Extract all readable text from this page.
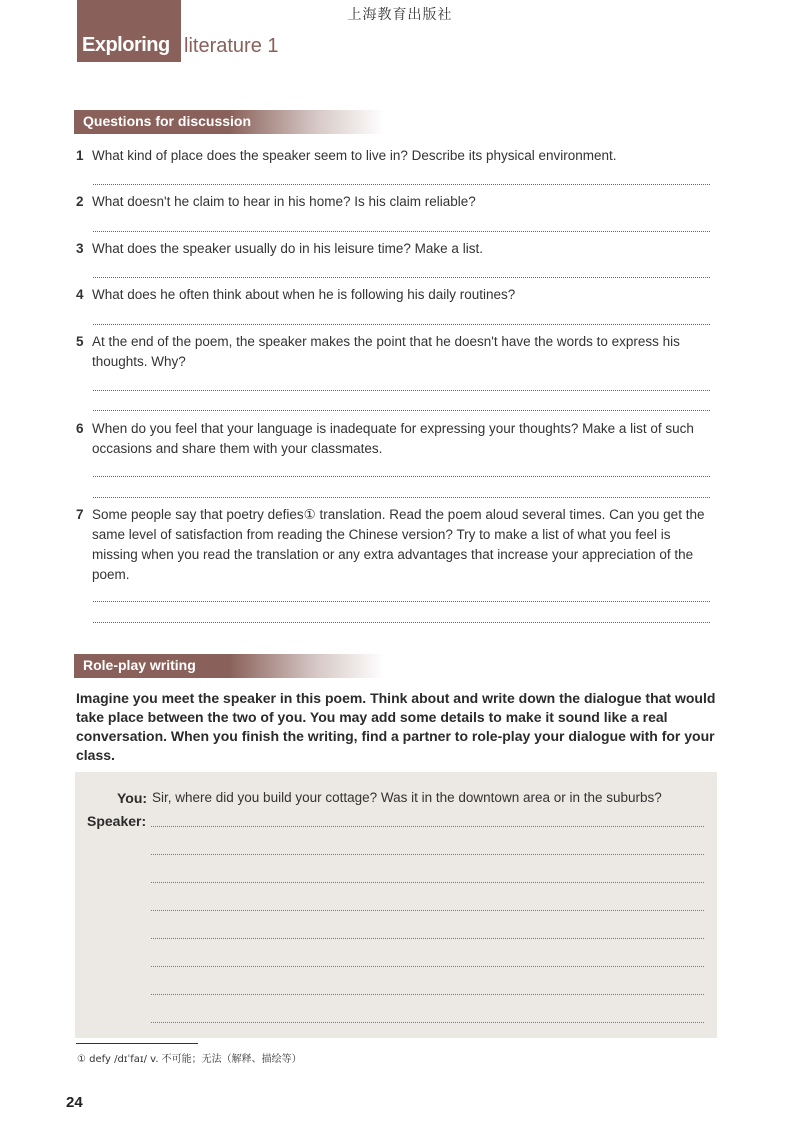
上海教育出版社
Exploring literature 1
Questions for discussion
1 What kind of place does the speaker seem to live in? Describe its physical environment.
2 What doesn't he claim to hear in his home? Is his claim reliable?
3 What does the speaker usually do in his leisure time? Make a list.
4 What does he often think about when he is following his daily routines?
5 At the end of the poem, the speaker makes the point that he doesn't have the words to express his thoughts. Why?
6 When do you feel that your language is inadequate for expressing your thoughts? Make a list of such occasions and share them with your classmates.
7 Some people say that poetry defies① translation. Read the poem aloud several times. Can you get the same level of satisfaction from reading the Chinese version? Try to make a list of what you feel is missing when you read the translation or any extra advantages that increase your appreciation of the poem.
Role-play writing
Imagine you meet the speaker in this poem. Think about and write down the dialogue that would take place between the two of you. You may add some details to make it sound like a real conversation. When you finish the writing, find a partner to role-play your dialogue with for your class.
You: Sir, where did you build your cottage? Was it in the downtown area or in the suburbs?
Speaker:
① defy /dɪˈfaɪ/ v. 不可能；无法（解释、描绘等）
24
